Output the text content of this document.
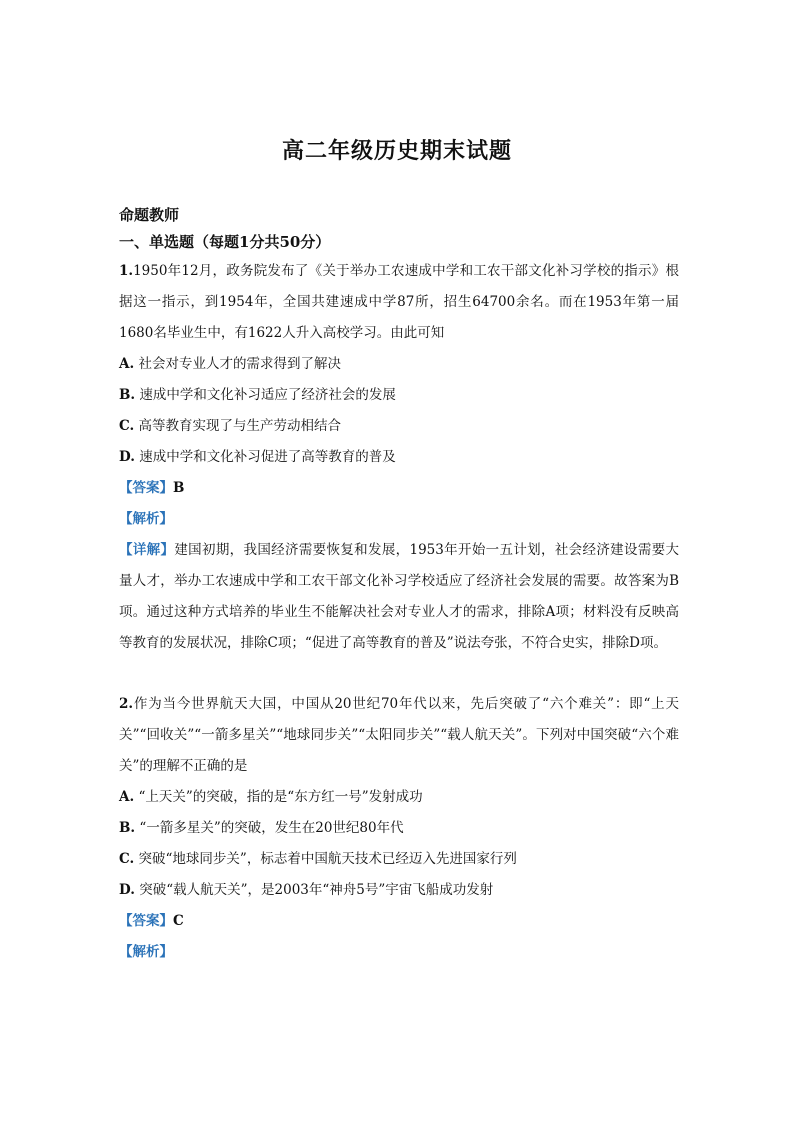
高二年级历史期末试题

命题教师

一、单选题（每题1分共50分）

1.1950年12月，政务院发布了《关于举办工农速成中学和工农干部文化补习学校的指示》根据这一指示，到1954年，全国共建速成中学87所，招生64700余名。而在1953年第一届1680名毕业生中，有1622人升入高校学习。由此可知

A. 社会对专业人才的需求得到了解决

B. 速成中学和文化补习适应了经济社会的发展

C. 高等教育实现了与生产劳动相结合

D. 速成中学和文化补习促进了高等教育的普及

【答案】B

【解析】

【详解】建国初期，我国经济需要恢复和发展，1953年开始一五计划，社会经济建设需要大量人才，举办工农速成中学和工农干部文化补习学校适应了经济社会发展的需要。故答案为B项。通过这种方式培养的毕业生不能解决社会对专业人才的需求，排除A项；材料没有反映高等教育的发展状况，排除C项；“促进了高等教育的普及”说法夸张，不符合史实，排除D项。

2.作为当今世界航天大国，中国从20世纪70年代以来，先后突破了“六个难关”：即“上天关”“回收关”“一箭多星关”“地球同步关”“太阳同步关”“载人航天关”。下列对中国突破“六个难关”的理解不正确的是

A. “上天关”的突破，指的是“东方红一号”发射成功

B. “一箭多星关”的突破，发生在20世纪80年代

C. 突破“地球同步关”，标志着中国航天技术已经迈入先进国家行列

D. 突破“载人航天关”，是2003年“神舟5号”宇宙飞船成功发射

【答案】C

【解析】
